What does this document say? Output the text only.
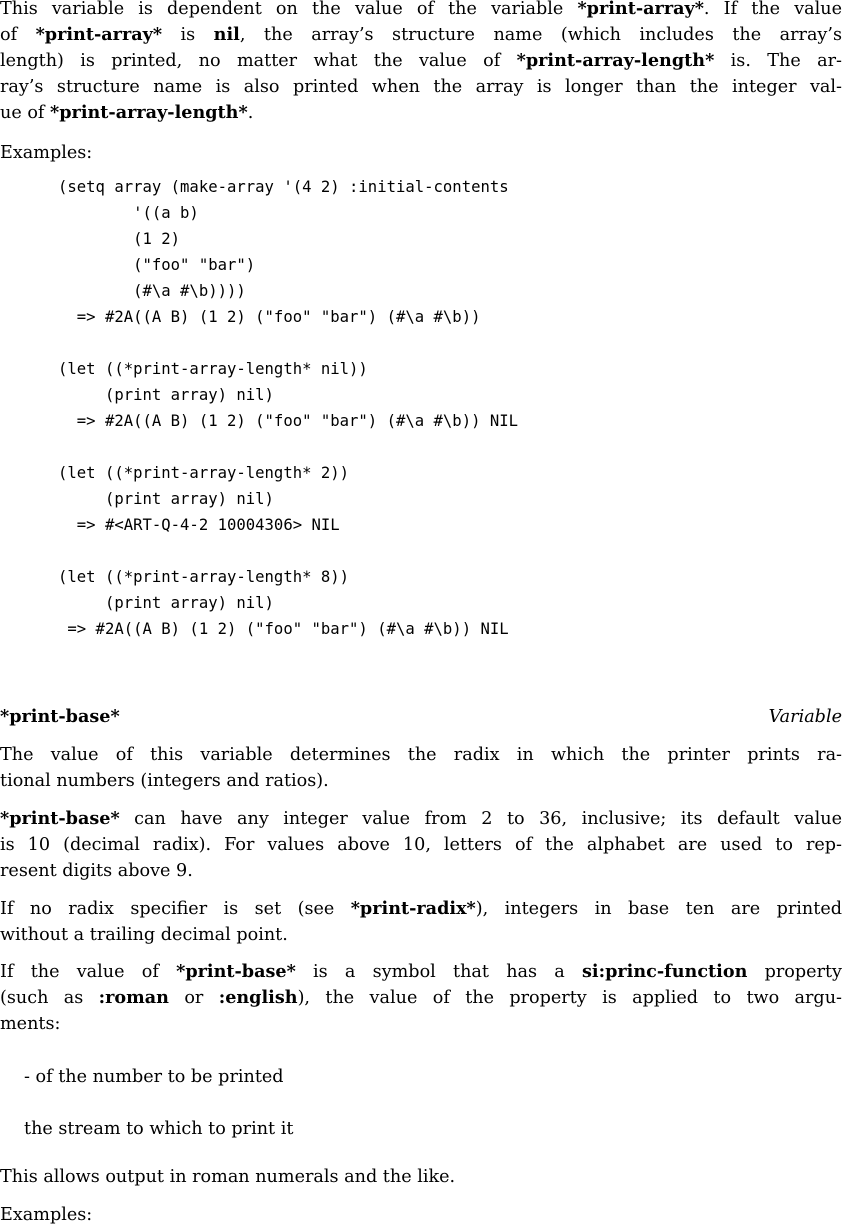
This variable is dependent on the value of the variable *print-array*. If the value
of *print-array* is nil, the array’s structure name (which includes the array’s
length) is printed, no matter what the value of *print-array-length* is. The ar-
ray’s structure name is also printed when the array is longer than the integer val-
ue of *print-array-length*.
Examples:
(setq array (make-array '(4 2) :initial-contents
'((a b)
(1 2)
("foo" "bar")
(#\a #\b))))
=> #2A((A B) (1 2) ("foo" "bar") (#\a #\b))
(let ((*print-array-length* nil))
(print array) nil)
=> #2A((A B) (1 2) ("foo" "bar") (#\a #\b)) NIL
(let ((*print-array-length* 2))
(print array) nil)
=> #<ART-Q-4-2 10004306> NIL
(let ((*print-array-length* 8))
(print array) nil)
=> #2A((A B) (1 2) ("foo" "bar") (#\a #\b)) NIL
*print-base*	Variable
The value of this variable determines the radix in which the printer prints ra-
tional numbers (integers and ratios).
*print-base* can have any integer value from 2 to 36, inclusive; its default value
is 10 (decimal radix). For values above 10, letters of the alphabet are used to rep-
resent digits above 9.
If no radix specifier is set (see *print-radix*), integers in base ten are printed
without a trailing decimal point.
If the value of *print-base* is a symbol that has a si:princ-function property
(such as :roman or :english), the value of the property is applied to two argu-
ments:
- of the number to be printed
the stream to which to print it
This allows output in roman numerals and the like.
Examples:
